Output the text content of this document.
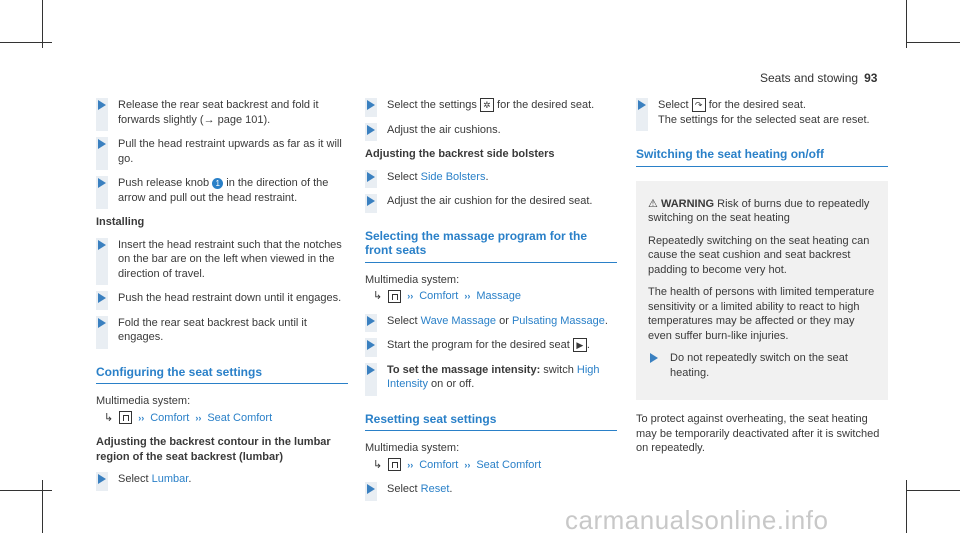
Seats and stowing 93

Release the rear seat backrest and fold it forwards slightly (→ page 101).

Pull the head restraint upwards as far as it will go.

Push release knob 1 in the direction of the arrow and pull out the head restraint.

Installing

Insert the head restraint such that the notches on the bar are on the left when viewed in the direction of travel.

Push the head restraint down until it engages.

Fold the rear seat backrest back until it engages.

Configuring the seat settings

Multimedia system:

↳	›› Comfort ›› Seat Comfort
Adjusting the backrest contour in the lumbar region of the seat backrest (lumbar)

Select Lumbar.

Select the settings ✲ for the desired seat.

Adjust the air cushions.

Adjusting the backrest side bolsters

Select Side Bolsters.

Adjust the air cushion for the desired seat.

Selecting the massage program for the front seats

Multimedia system:

↳	›› Comfort ›› Massage

Select Wave Massage or Pulsating Massage.

Start the program for the desired seat ▶ .

To set the massage intensity: switch High Intensity on or off.

Resetting seat settings

Multimedia system:

↳	›› Comfort ›› Seat Comfort

Select Reset.

Select ↷ for the desired seat.
The settings for the selected seat are reset.

Switching the seat heating on/off

⚠ WARNING Risk of burns due to repeatedly switching on the seat heating

Repeatedly switching on the seat heating can cause the seat cushion and seat backrest padding to become very hot.

The health of persons with limited temperature sensitivity or a limited ability to react to high temperatures may be affected or they may even suffer burn-like injuries.

Do not repeatedly switch on the seat heating.

To protect against overheating, the seat heating may be temporarily deactivated after it is switched on repeatedly.

carmanualsonline.info
